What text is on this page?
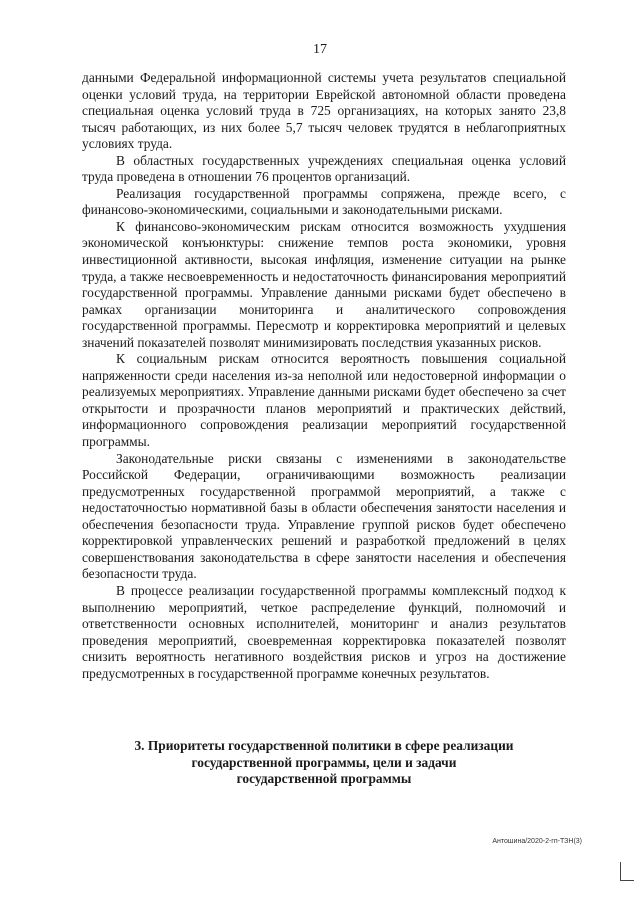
17

данными Федеральной информационной системы учета результатов специальной оценки условий труда, на территории Еврейской автономной области проведена специальная оценка условий труда в 725 организациях, на которых занято 23,8 тысяч работающих, из них более 5,7 тысяч человек трудятся в неблагоприятных условиях труда.

В областных государственных учреждениях специальная оценка условий труда проведена в отношении 76 процентов организаций.

Реализация государственной программы сопряжена, прежде всего, с финансово-экономическими, социальными и законодательными рисками.

К финансово-экономическим рискам относится возможность ухудшения экономической конъюнктуры: снижение темпов роста экономики, уровня инвестиционной активности, высокая инфляция, изменение ситуации на рынке труда, а также несвоевременность и недостаточность финансирования мероприятий государственной программы. Управление данными рисками будет обеспечено в рамках организации мониторинга и аналитического сопровождения государственной программы. Пересмотр и корректировка мероприятий и целевых значений показателей позволят минимизировать последствия указанных рисков.

К социальным рискам относится вероятность повышения социальной напряженности среди населения из-за неполной или недостоверной информации о реализуемых мероприятиях. Управление данными рисками будет обеспечено за счет открытости и прозрачности планов мероприятий и практических действий, информационного сопровождения реализации мероприятий государственной программы.

Законодательные риски связаны с изменениями в законодательстве Российской Федерации, ограничивающими возможность реализации предусмотренных государственной программой мероприятий, а также с недостаточностью нормативной базы в области обеспечения занятости населения и обеспечения безопасности труда. Управление группой рисков будет обеспечено корректировкой управленческих решений и разработкой предложений в целях совершенствования законодательства в сфере занятости населения и обеспечения безопасности труда.

В процессе реализации государственной программы комплексный подход к выполнению мероприятий, четкое распределение функций, полномочий и ответственности основных исполнителей, мониторинг и анализ результатов проведения мероприятий, своевременная корректировка показателей позволят снизить вероятность негативного воздействия рисков и угроз на достижение предусмотренных в государственной программе конечных результатов.

3. Приоритеты государственной политики в сфере реализации
государственной программы, цели и задачи
государственной программы
Антошина/2020-2-гп-ТЗН(3)
